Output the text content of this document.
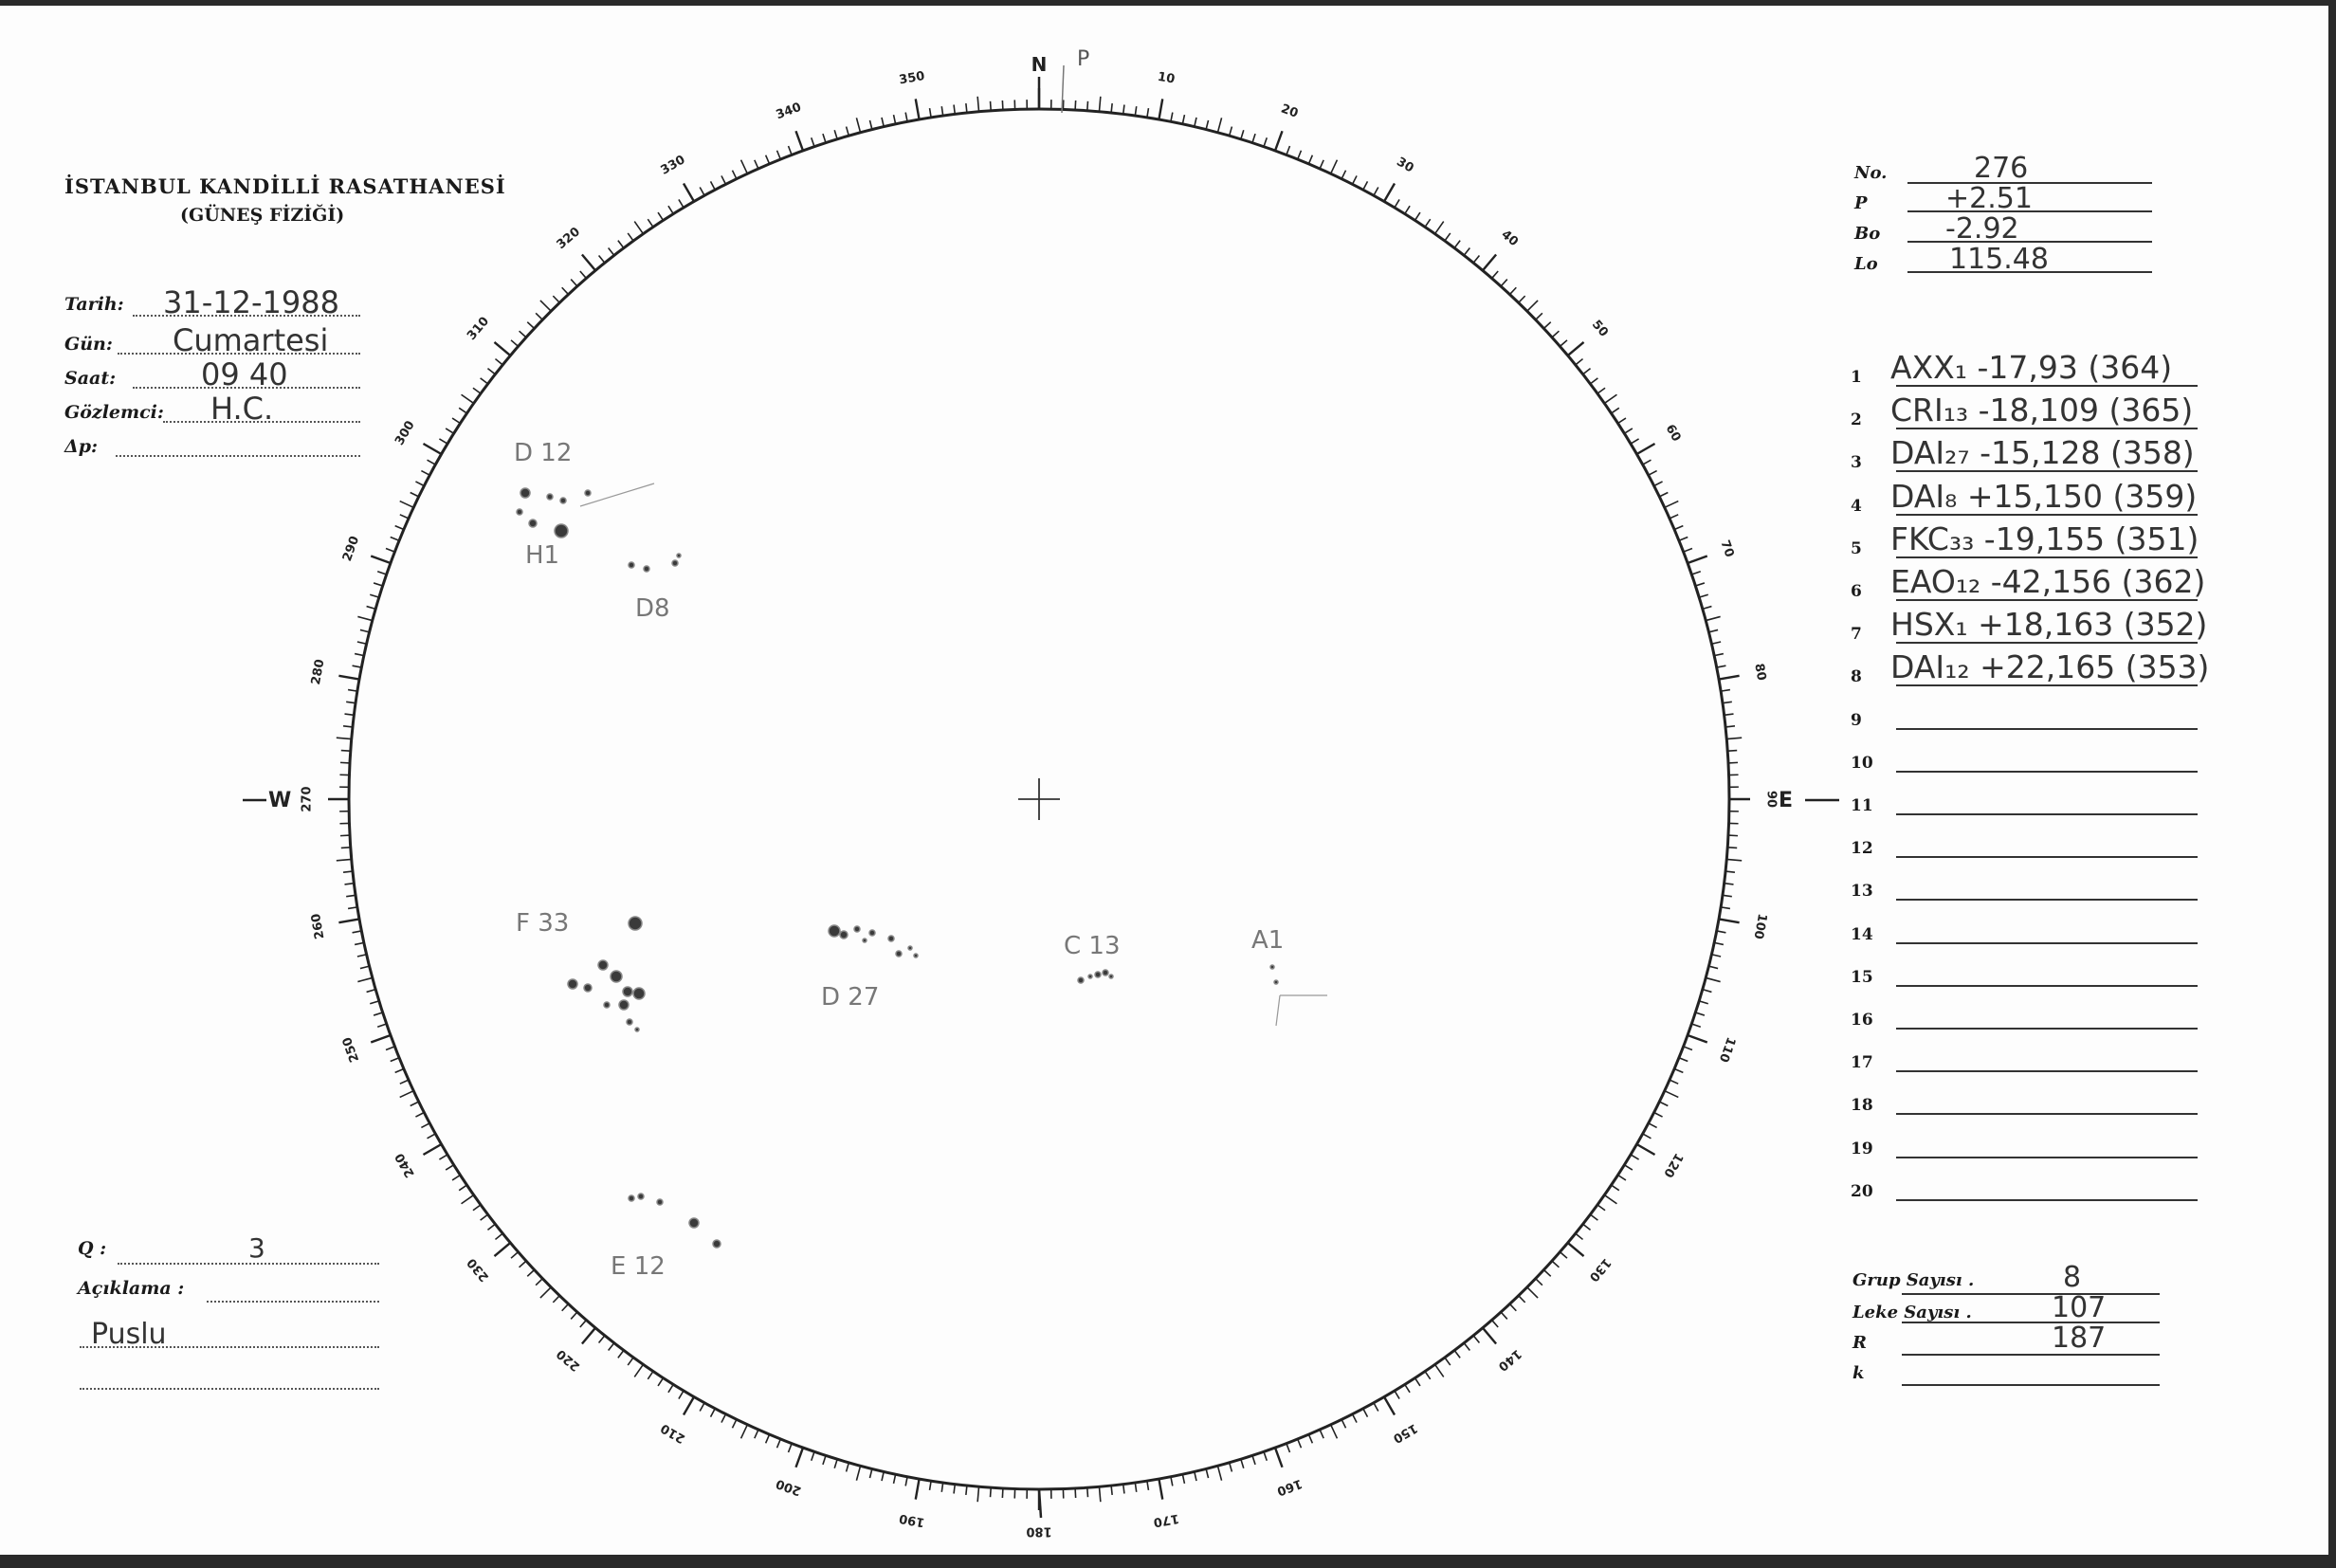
İSTANBUL KANDİLLİ RASATHANESİ
(GÜNEŞ FİZİĞİ)
Tarih: 31-12-1988
Gün: Cumartesi
Saat:	09 40
Gözlemci: H.C.
Δp:
No.	276
P	+2.51
Bo -2.92
Lo	115.48
1 AXX₁ -17,93 (364)
2 CRI₁₃ -18,109 (365)
3 DAI₂₇ -15,128 (358)
4 DAI₈ +15,150 (359)
5 FKC₃₃ -19,155 (351)
6 EAO₁₂ -42,156 (362)
7 HSX₁ +18,163 (352)
8 DAI₁₂ +22,165 (353)
9
10
11
12
13
14
15
16
17
18
19
20
Grup Sayısı .	8
Leke Sayısı .	107
R	187
k
Q :	3
Açıklama :
Puslu
10
20
30
40
50
60
70
80
90
100
110
120
130
140
150
160
170
180
190
200
210
220
230
240
250
260
270
280
290
300
310
320
330
340
350
N P
W	E
D 12
H1
D8
F 33
D 27
C 13	A1
E 12
